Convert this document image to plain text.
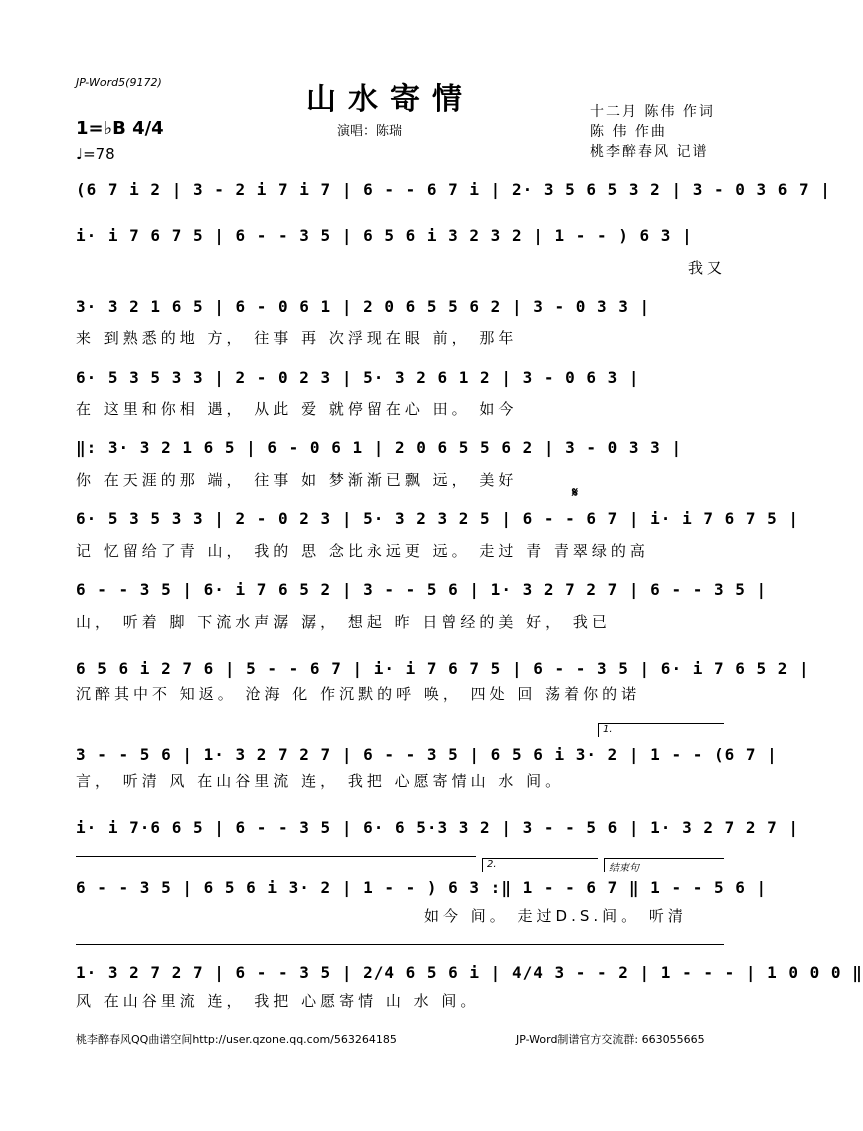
JP-Word5(9172)	山水寄情
演唱：陈瑞
十二月 陈伟 作词
陈 伟 作曲
桃李醉春风 记谱
1=♭B 4/4
♩=78
(6 7 i 2 | 3 - 2 i 7 i 7 | 6 - - 6 7 i | 2· 3 5 6 5 3 2 | 3 - 0 3 6 7 |
i· i 7 6 7 5 | 6 - - 3 5 | 6 5 6 i 3 2 3 2 | 1 - - ) 6 3 |
我又
3· 3 2 1 6 5 | 6 - 0 6 1 | 2 0 6 5 5 6 2 | 3 - 0 3 3 |
来 到熟悉的地 方， 往事 再 次浮现在眼 前， 那年
6· 5 3 5 3 3 | 2 - 0 2 3 | 5· 3 2 6 1 2 | 3 - 0 6 3 |
在 这里和你相 遇， 从此 爱 就停留在心 田。 如今
‖: 3· 3 2 1 6 5 | 6 - 0 6 1 | 2 0 6 5 5 6 2 | 3 - 0 3 3 |
你 在天涯的那 端， 往事 如 梦渐渐已飘 远， 美好
𝄋
6· 5 3 5 3 3 | 2 - 0 2 3 | 5· 3 2 3 2 5 | 6 - - 6 7 | i· i 7 6 7 5 |
记 忆留给了青 山， 我的 思 念比永远更 远。 走过 青 青翠绿的高
6 - - 3 5 | 6· i 7 6 5 2 | 3 - - 5 6 | 1· 3 2 7 2 7 | 6 - - 3 5 |
山， 听着 脚 下流水声潺 潺， 想起 昨 日曾经的美 好， 我已
6 5 6 i 2 7 6 | 5 - - 6 7 | i· i 7 6 7 5 | 6 - - 3 5 | 6· i 7 6 5 2 |
沉醉其中不 知返。 沧海 化 作沉默的呼 唤， 四处 回 荡着你的诺
1.
3 - - 5 6 | 1· 3 2 7 2 7 | 6 - - 3 5 | 6 5 6 i 3· 2 | 1 - - (6 7 |
言， 听清 风 在山谷里流 连， 我把 心愿寄情山 水 间。
i· i 7·6 6 5 | 6 - - 3 5 | 6· 6 5·3 3 2 | 3 - - 5 6 | 1· 3 2 7 2 7 |
2.	结束句
6 - - 3 5 | 6 5 6 i 3· 2 | 1 - - ) 6 3 :‖ 1 - - 6 7 ‖ 1 - - 5 6 |
如今 间。 走过D.S.间。 听清
1· 3 2 7 2 7 | 6 - - 3 5 | 2/4 6 5 6 i | 4/4 3 - - 2 | 1 - - - | 1 0 0 0 ‖
风 在山谷里流 连， 我把 心愿寄情 山 水 间。
桃李醉春风QQ曲谱空间http://user.qzone.qq.com/563264185	JP-Word制谱官方交流群: 663055665
